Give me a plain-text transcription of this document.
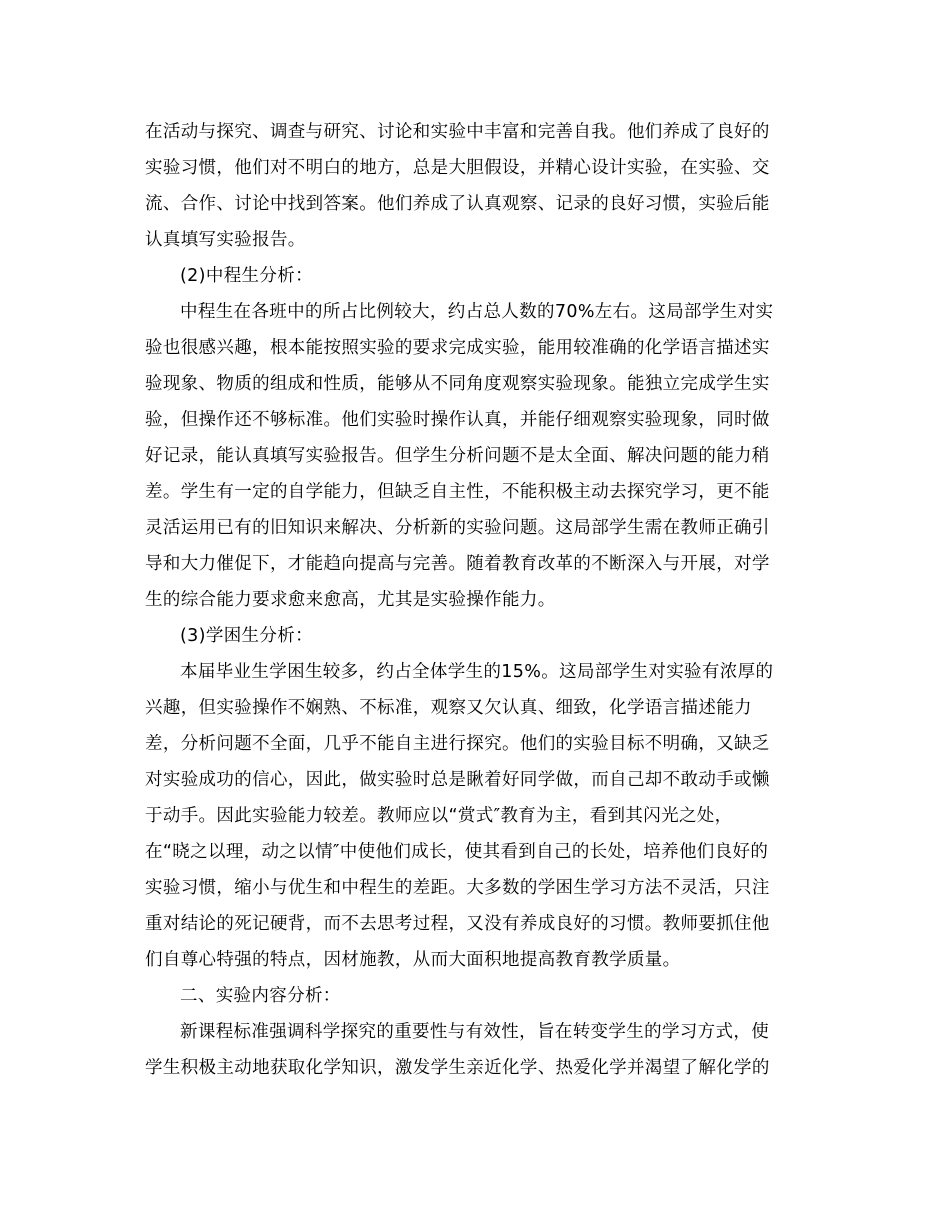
在活动与探究、调查与研究、讨论和实验中丰富和完善自我。他们养成了良好的
实验习惯，他们对不明白的地方，总是大胆假设，并精心设计实验，在实验、交
流、合作、讨论中找到答案。他们养成了认真观察、记录的良好习惯，实验后能
认真填写实验报告。
(2)中程生分析：
中程生在各班中的所占比例较大，约占总人数的70%左右。这局部学生对实
验也很感兴趣，根本能按照实验的要求完成实验，能用较准确的化学语言描述实
验现象、物质的组成和性质，能够从不同角度观察实验现象。能独立完成学生实
验，但操作还不够标准。他们实验时操作认真，并能仔细观察实验现象，同时做
好记录，能认真填写实验报告。但学生分析问题不是太全面、解决问题的能力稍
差。学生有一定的自学能力，但缺乏自主性，不能积极主动去探究学习，更不能
灵活运用已有的旧知识来解决、分析新的实验问题。这局部学生需在教师正确引
导和大力催促下，才能趋向提高与完善。随着教育改革的不断深入与开展，对学
生的综合能力要求愈来愈高，尤其是实验操作能力。
(3)学困生分析：
本届毕业生学困生较多，约占全体学生的15%。这局部学生对实验有浓厚的
兴趣，但实验操作不娴熟、不标准，观察又欠认真、细致，化学语言描述能力
差，分析问题不全面，几乎不能自主进行探究。他们的实验目标不明确，又缺乏
对实验成功的信心，因此，做实验时总是瞅着好同学做，而自己却不敢动手或懒
于动手。因此实验能力较差。教师应以“赏式″教育为主，看到其闪光之处，
在“晓之以理，动之以情″中使他们成长，使其看到自己的长处，培养他们良好的
实验习惯，缩小与优生和中程生的差距。大多数的学困生学习方法不灵活，只注
重对结论的死记硬背，而不去思考过程，又没有养成良好的习惯。教师要抓住他
们自尊心特强的特点，因材施教，从而大面积地提高教育教学质量。
二、实验内容分析：
新课程标准强调科学探究的重要性与有效性，旨在转变学生的学习方式，使
学生积极主动地获取化学知识，激发学生亲近化学、热爱化学并渴望了解化学的
